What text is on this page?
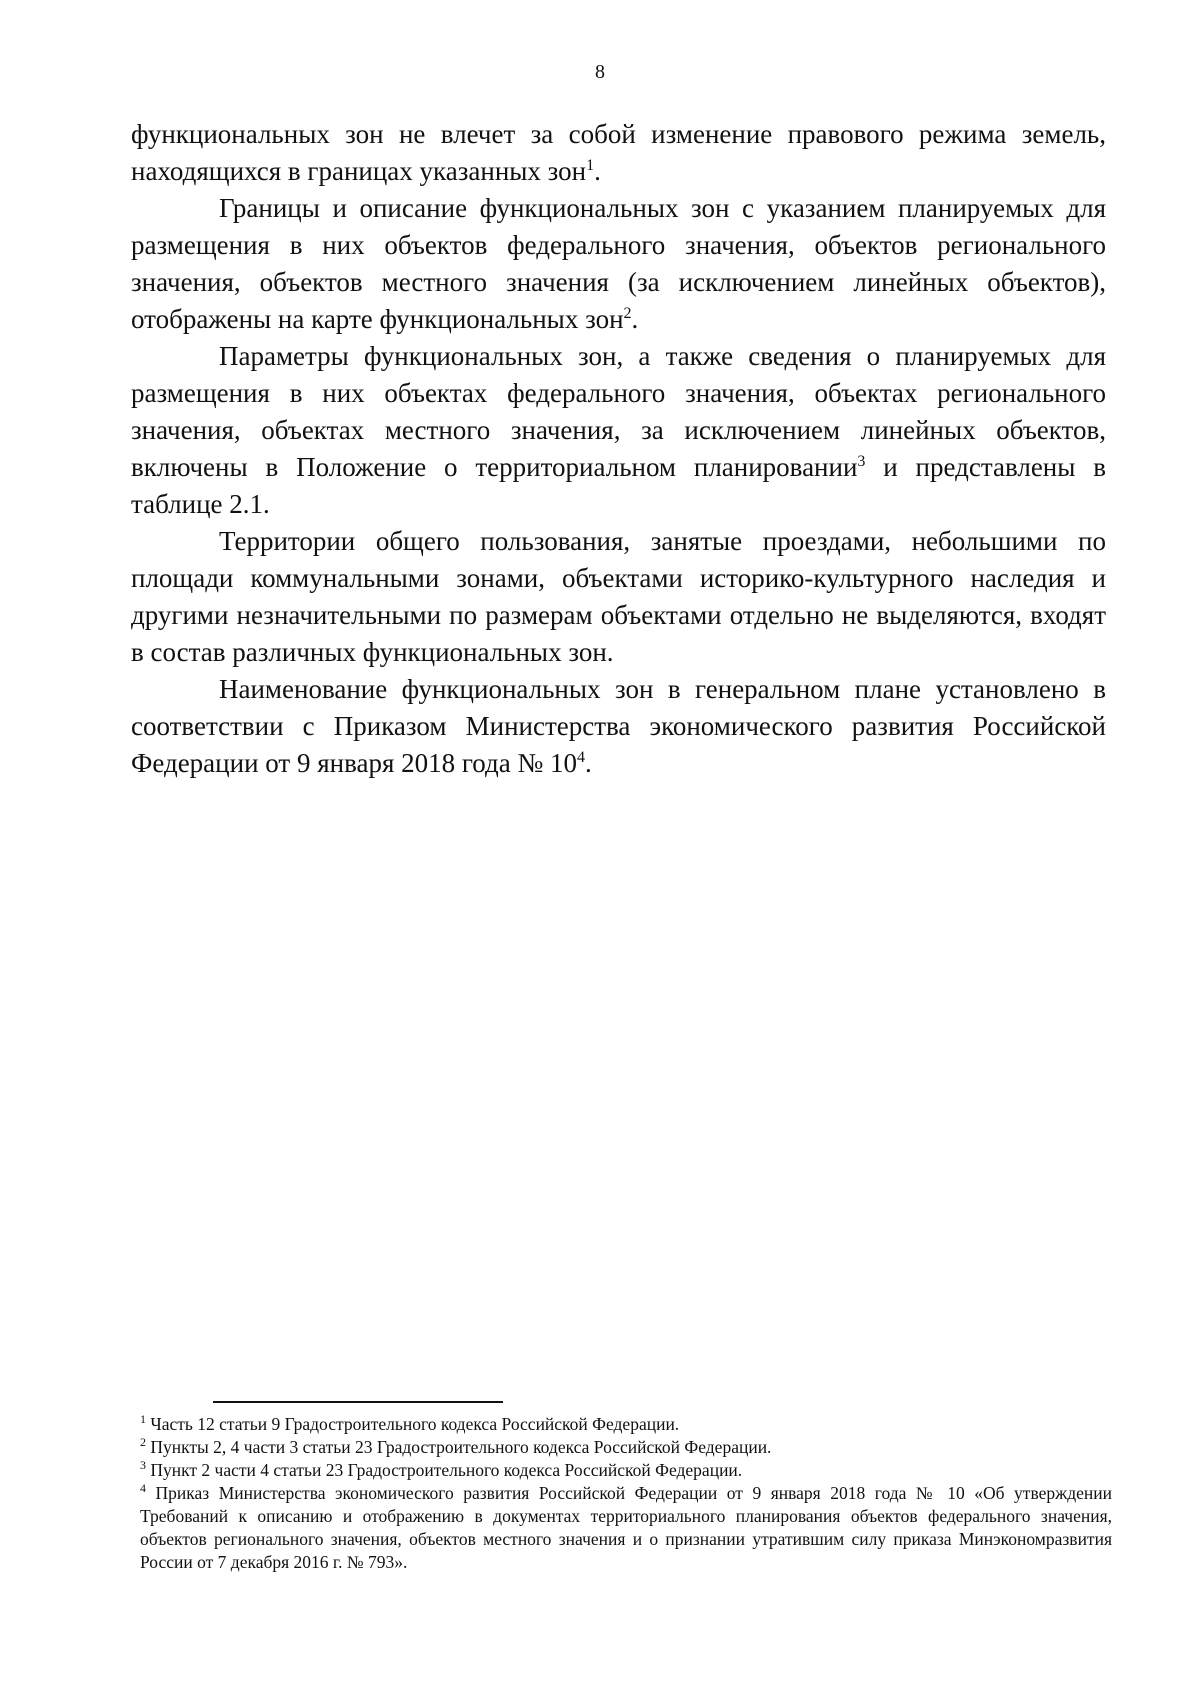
8

функциональных зон не влечет за собой изменение правового режима земель, находящихся в границах указанных зон$^1$.

Границы и описание функциональных зон с указанием планируемых для размещения в них объектов федерального значения, объектов регионального значения, объектов местного значения (за исключением линейных объектов), отображены на карте функциональных зон$^2$.

Параметры функциональных зон, а также сведения о планируемых для размещения в них объектах федерального значения, объектах регионального значения, объектах местного значения, за исключением линейных объектов, включены в Положение о территориальном планировании$^3$ и представлены в таблице 2.1.

Территории общего пользования, занятые проездами, небольшими по площади коммунальными зонами, объектами историко-культурного наследия и другими незначительными по размерам объектами отдельно не выделяются, входят в состав различных функциональных зон.

Наименование функциональных зон в генеральном плане установлено в соответствии с Приказом Министерства экономического развития Российской Федерации от 9 января 2018 года № 10$^4$.

$^1$ Часть 12 статьи 9 Градостроительного кодекса Российской Федерации.

$^2$ Пункты 2, 4 части 3 статьи 23 Градостроительного кодекса Российской Федерации.

$^3$ Пункт 2 части 4 статьи 23 Градостроительного кодекса Российской Федерации.

$^4$ Приказ Министерства экономического развития Российской Федерации от 9 января 2018 года № 10 «Об утверждении Требований к описанию и отображению в документах территориального планирования объектов федерального значения, объектов регионального значения, объектов местного значения и о признании утратившим силу приказа Минэкономразвития России от 7 декабря 2016 г. № 793».
